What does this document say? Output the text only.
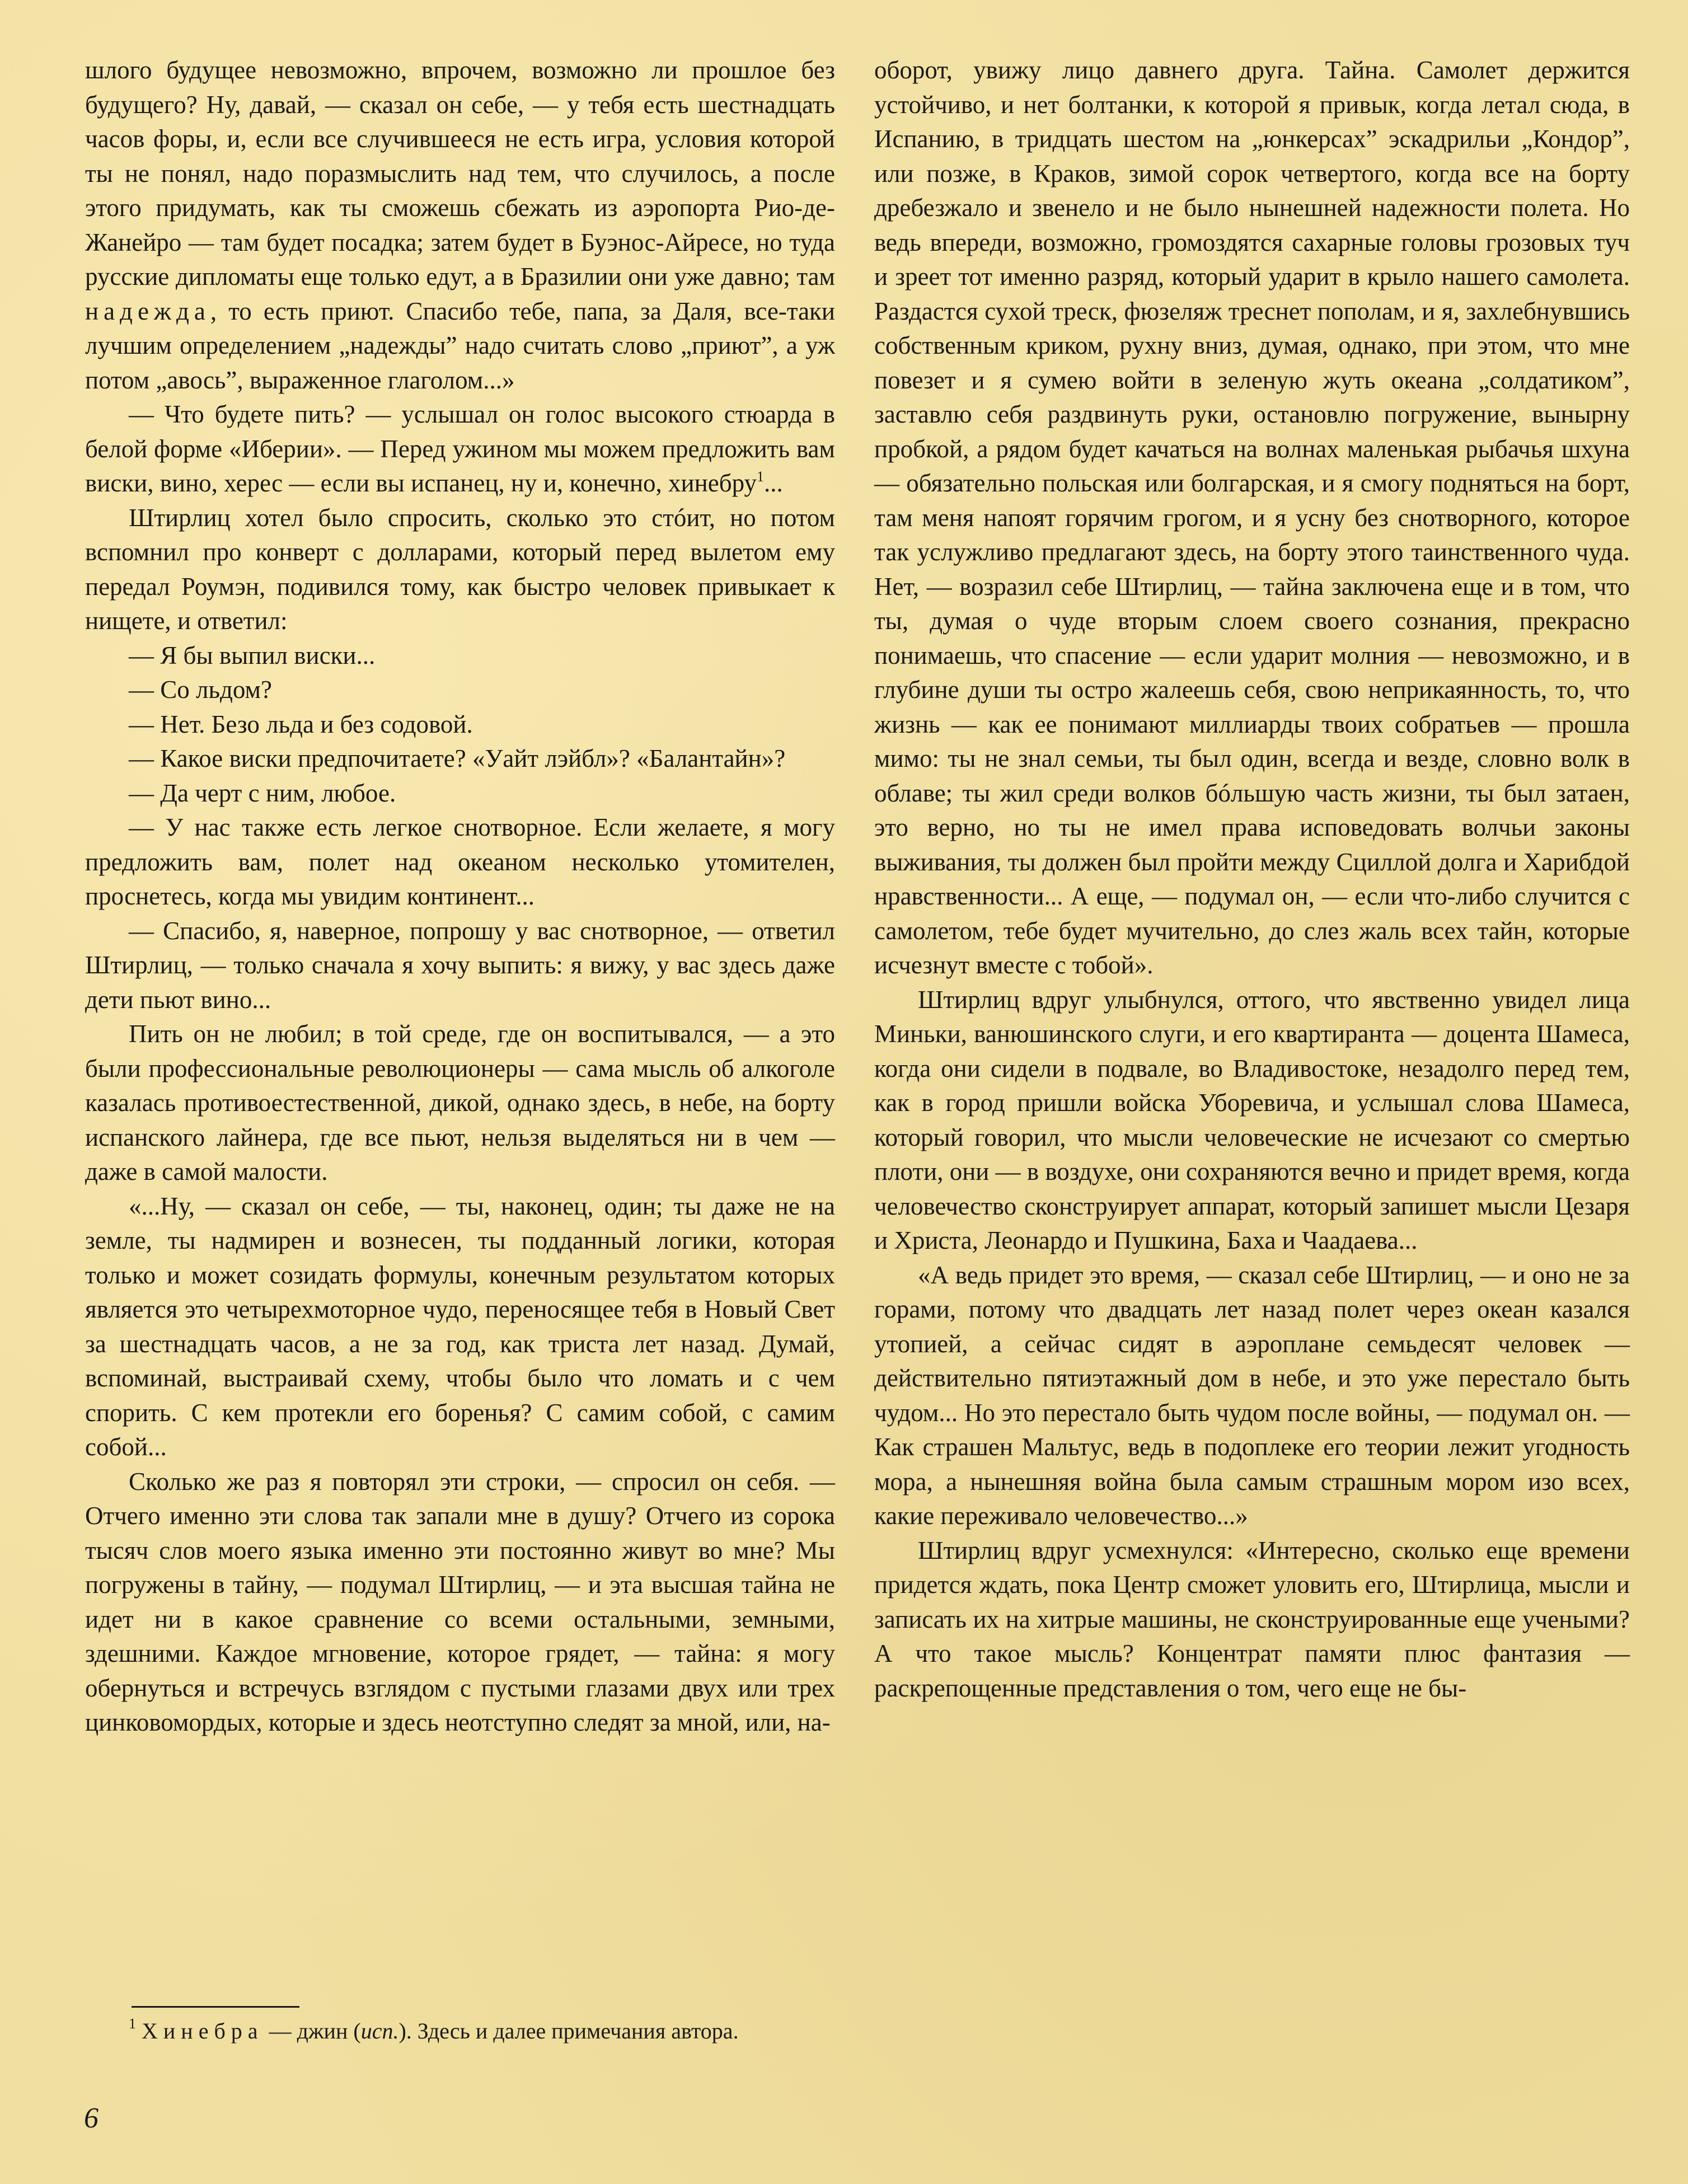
шлого будущее невозможно, впрочем, возможно ли прошлое без будущего? Ну, давай, — сказал он себе, — у тебя есть шестнадцать часов форы, и, если все случившееся не есть игра, условия которой ты не понял, надо поразмыслить над тем, что случилось, а после этого придумать, как ты сможешь сбежать из аэропорта Рио-де-Жанейро — там будет посадка; затем будет в Буэнос-Айресе, но туда русские дипломаты еще только едут, а в Бразилии они уже давно; там надежда, то есть приют. Спасибо тебе, папа, за Даля, все-таки лучшим определением „надежды” надо считать слово „приют”, а уж потом „авось”, выраженное глаголом...»

— Что будете пить? — услышал он голос высокого стюарда в белой форме «Иберии». — Перед ужином мы можем предложить вам виски, вино, херес — если вы испанец, ну и, конечно, хинебру$^1$...

Штирлиц хотел было спросить, сколько это стóит, но потом вспомнил про конверт с долларами, который перед вылетом ему передал Роумэн, подивился тому, как быстро человек привыкает к нищете, и ответил:

— Я бы выпил виски...

— Со льдом?

— Нет. Безо льда и без содовой.

— Какое виски предпочитаете? «Уайт лэйбл»? «Балантайн»?

— Да черт с ним, любое.

— У нас также есть легкое снотворное. Если желаете, я могу предложить вам, полет над океаном несколько утомителен, проснетесь, когда мы увидим континент...

— Спасибо, я, наверное, попрошу у вас снотворное, — ответил Штирлиц, — только сначала я хочу выпить: я вижу, у вас здесь даже дети пьют вино...

Пить он не любил; в той среде, где он воспитывался, — а это были профессиональные революционеры — сама мысль об алкоголе казалась противоестественной, дикой, однако здесь, в небе, на борту испанского лайнера, где все пьют, нельзя выделяться ни в чем — даже в самой малости.

«...Ну, — сказал он себе, — ты, наконец, один; ты даже не на земле, ты надмирен и вознесен, ты подданный логики, которая только и может созидать формулы, конечным результатом которых является это четырехмоторное чудо, переносящее тебя в Новый Свет за шестнадцать часов, а не за год, как триста лет назад. Думай, вспоминай, выстраивай схему, чтобы было что ломать и с чем спорить. С кем протекли его боренья? С самим собой, с самим собой...

Сколько же раз я повторял эти строки, — спросил он себя. — Отчего именно эти слова так запали мне в душу? Отчего из сорока тысяч слов моего языка именно эти постоянно живут во мне? Мы погружены в тайну, — подумал Штирлиц, — и эта высшая тайна не идет ни в какое сравнение со всеми остальными, земными, здешними. Каждое мгновение, которое грядет, — тайна: я могу обернуться и встречусь взглядом с пустыми глазами двух или трех цинковомордых, которые и здесь неотступно следят за мной, или, на-

$^1$ Хинебра — джин (исп.). Здесь и далее примечания автора.

оборот, увижу лицо давнего друга. Тайна. Самолет держится устойчиво, и нет болтанки, к которой я привык, когда летал сюда, в Испанию, в тридцать шестом на „юнкерсах” эскадрильи „Кондор”, или позже, в Краков, зимой сорок четвертого, когда все на борту дребезжало и звенело и не было нынешней надежности полета. Но ведь впереди, возможно, громоздятся сахарные головы грозовых туч и зреет тот именно разряд, который ударит в крыло нашего самолета. Раздастся сухой треск, фюзеляж треснет пополам, и я, захлебнувшись собственным криком, рухну вниз, думая, однако, при этом, что мне повезет и я сумею войти в зеленую жуть океана „солдатиком”, заставлю себя раздвинуть руки, остановлю погружение, вынырну пробкой, а рядом будет качаться на волнах маленькая рыбачья шхуна — обязательно польская или болгарская, и я смогу подняться на борт, там меня напоят горячим грогом, и я усну без снотворного, которое так услужливо предлагают здесь, на борту этого таинственного чуда. Нет, — возразил себе Штирлиц, — тайна заключена еще и в том, что ты, думая о чуде вторым слоем своего сознания, прекрасно понимаешь, что спасение — если ударит молния — невозможно, и в глубине души ты остро жалеешь себя, свою неприкаянность, то, что жизнь — как ее понимают миллиарды твоих собратьев — прошла мимо: ты не знал семьи, ты был один, всегда и везде, словно волк в облаве; ты жил среди волков бóльшую часть жизни, ты был затаен, это верно, но ты не имел права исповедовать волчьи законы выживания, ты должен был пройти между Сциллой долга и Харибдой нравственности... А еще, — подумал он, — если что-либо случится с самолетом, тебе будет мучительно, до слез жаль всех тайн, которые исчезнут вместе с тобой».

Штирлиц вдруг улыбнулся, оттого, что явственно увидел лица Миньки, ванюшинского слуги, и его квартиранта — доцента Шамеса, когда они сидели в подвале, во Владивостоке, незадолго перед тем, как в город пришли войска Уборевича, и услышал слова Шамеса, который говорил, что мысли человеческие не исчезают со смертью плоти, они — в воздухе, они сохраняются вечно и придет время, когда человечество сконструирует аппарат, который запишет мысли Цезаря и Христа, Леонардо и Пушкина, Баха и Чаадаева...

«А ведь придет это время, — сказал себе Штирлиц, — и оно не за горами, потому что двадцать лет назад полет через океан казался утопией, а сейчас сидят в аэроплане семьдесят человек — действительно пятиэтажный дом в небе, и это уже перестало быть чудом... Но это перестало быть чудом после войны, — подумал он. — Как страшен Мальтус, ведь в подоплеке его теории лежит угодность мора, а нынешняя война была самым страшным мором изо всех, какие переживало человечество...»

Штирлиц вдруг усмехнулся: «Интересно, сколько еще времени придется ждать, пока Центр сможет уловить его, Штирлица, мысли и записать их на хитрые машины, не сконструированные еще учеными? А что такое мысль? Концентрат памяти плюс фантазия — раскрепощенные представления о том, чего еще не бы-

6
